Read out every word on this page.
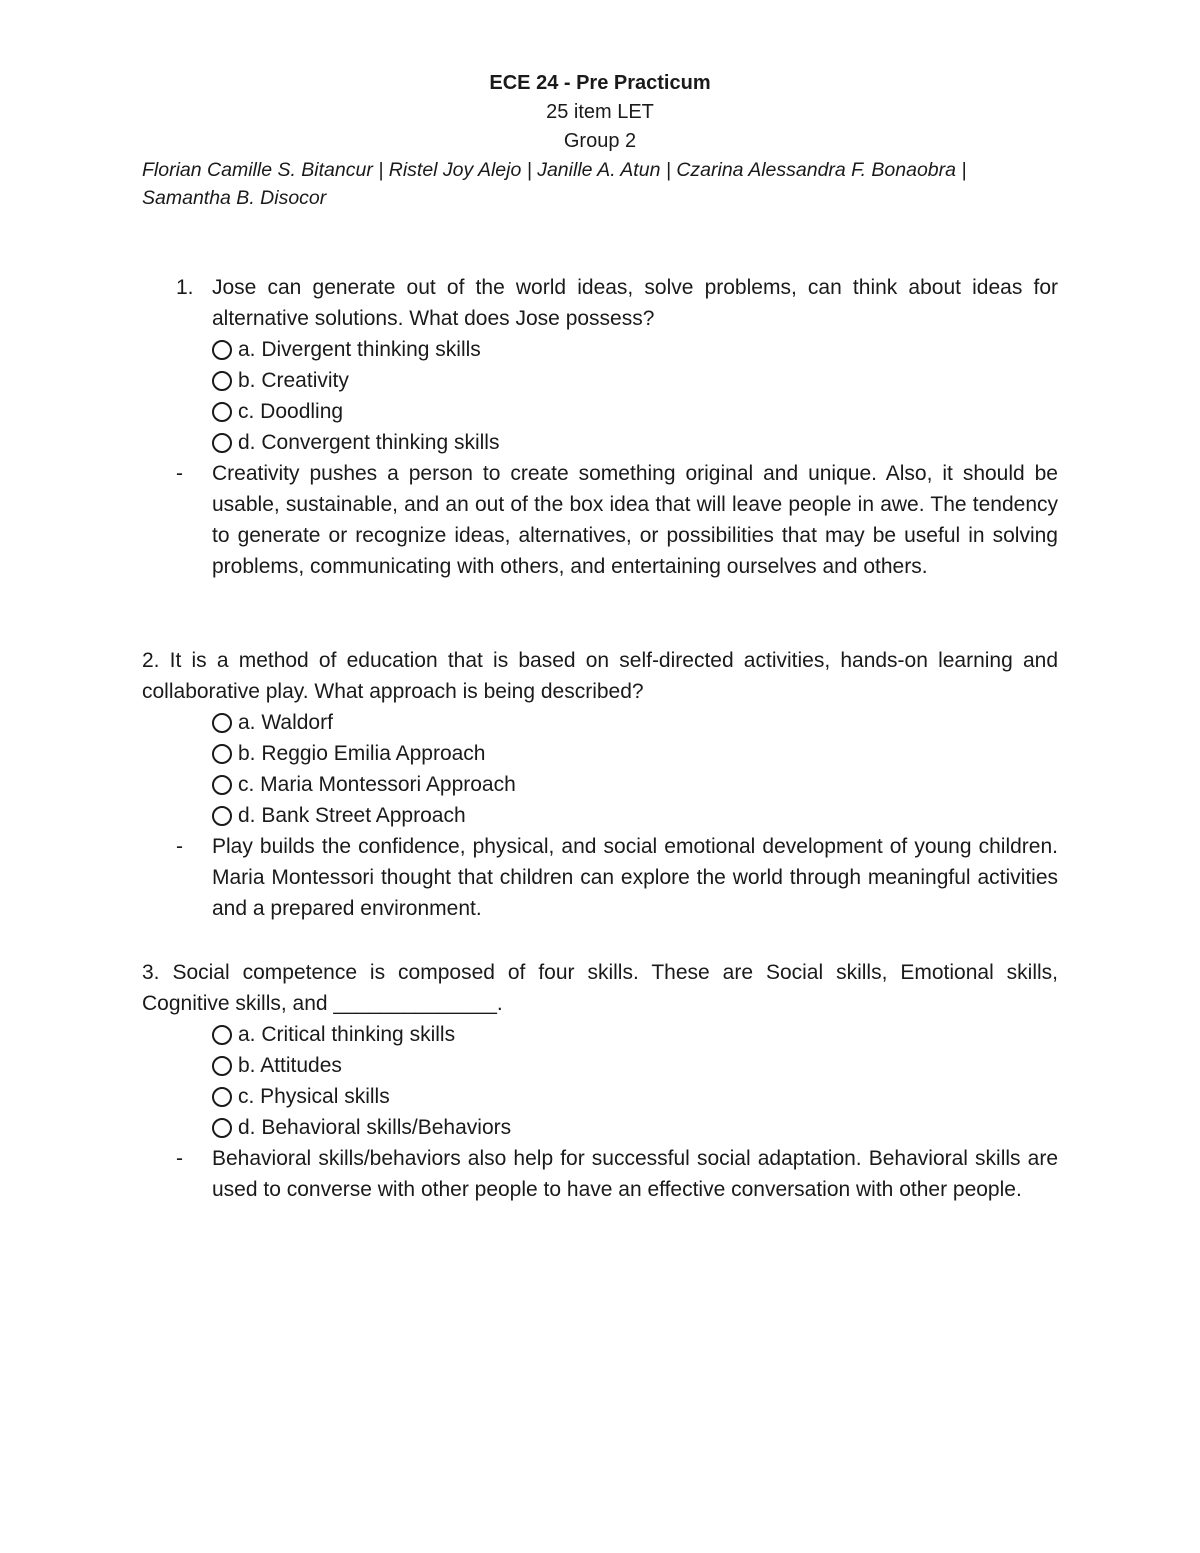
ECE 24 - Pre Practicum
25 item LET
Group 2
Florian Camille S. Bitancur | Ristel Joy Alejo | Janille A. Atun | Czarina Alessandra F. Bonaobra | Samantha B. Disocor
1. Jose can generate out of the world ideas, solve problems, can think about ideas for alternative solutions. What does Jose possess?
a. Divergent thinking skills
b. Creativity
c. Doodling
d. Convergent thinking skills
-	Creativity pushes a person to create something original and unique. Also, it should be usable, sustainable, and an out of the box idea that will leave people in awe. The tendency to generate or recognize ideas, alternatives, or possibilities that may be useful in solving problems, communicating with others, and entertaining ourselves and others.
2. It is a method of education that is based on self-directed activities, hands-on learning and collaborative play. What approach is being described?
a. Waldorf
b. Reggio Emilia Approach
c. Maria Montessori Approach
d. Bank Street Approach
-	Play builds the confidence, physical, and social emotional development of young children. Maria Montessori thought that children can explore the world through meaningful activities and a prepared environment.
3. Social competence is composed of four skills. These are Social skills, Emotional skills, Cognitive skills, and ______________.
a. Critical thinking skills
b. Attitudes
c. Physical skills
d. Behavioral skills/Behaviors
-	Behavioral skills/behaviors also help for successful social adaptation. Behavioral skills are used to converse with other people to have an effective conversation with other people.
